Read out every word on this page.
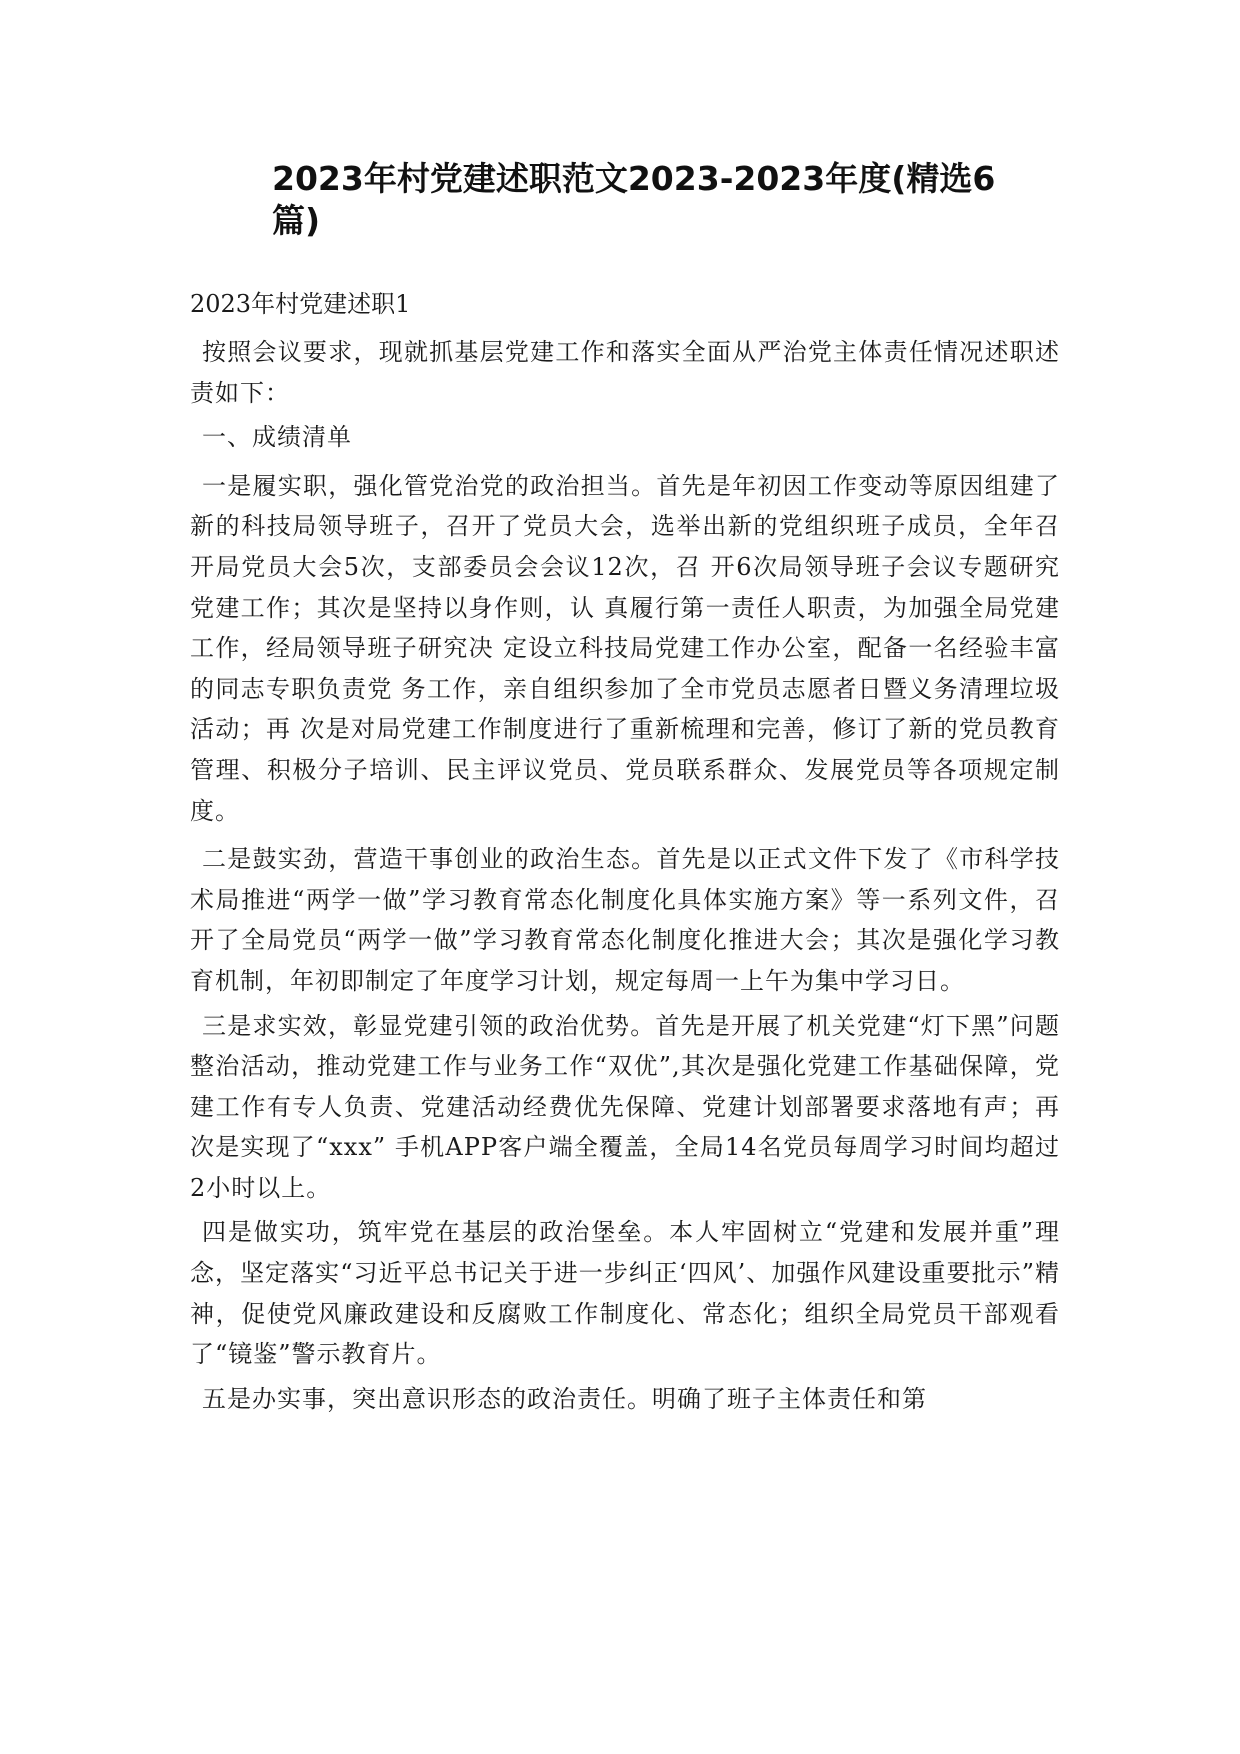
2023年村党建述职范文2023-2023年度(精选6篇)

2023年村党建述职1

按照会议要求，现就抓基层党建工作和落实全面从严治党主体责任情况述职述责如下：

一、成绩清单

一是履实职，强化管党治党的政治担当。首先是年初因工作变动等原因组建了新的科技局领导班子，召开了党员大会，选举出新的党组织班子成员，全年召开局党员大会5次，支部委员会会议12次，召 开6次局领导班子会议专题研究党建工作；其次是坚持以身作则，认 真履行第一责任人职责，为加强全局党建工作，经局领导班子研究决 定设立科技局党建工作办公室，配备一名经验丰富的同志专职负责党 务工作，亲自组织参加了全市党员志愿者日暨义务清理垃圾活动；再 次是对局党建工作制度进行了重新梳理和完善，修订了新的党员教育 管理、积极分子培训、民主评议党员、党员联系群众、发展党员等各项规定制度。

二是鼓实劲，营造干事创业的政治生态。首先是以正式文件下发了《市科学技术局推进“两学一做”学习教育常态化制度化具体实施方案》等一系列文件，召开了全局党员“两学一做”学习教育常态化制度化推进大会；其次是强化学习教育机制，年初即制定了年度学习计划，规定每周一上午为集中学习日。

三是求实效，彰显党建引领的政治优势。首先是开展了机关党建“灯下黑”问题整治活动，推动党建工作与业务工作“双优”,其次是强化党建工作基础保障，党建工作有专人负责、党建活动经费优先保障、党建计划部署要求落地有声；再次是实现了“xxx” 手机APP客户端全覆盖，全局14名党员每周学习时间均超过2小时以上。

四是做实功，筑牢党在基层的政治堡垒。本人牢固树立“党建和发展并重”理念，坚定落实“习近平总书记关于进一步纠正‘四风’、加强作风建设重要批示”精神，促使党风廉政建设和反腐败工作制度化、常态化；组织全局党员干部观看了“镜鉴”警示教育片。

五是办实事，突出意识形态的政治责任。明确了班子主体责任和第
